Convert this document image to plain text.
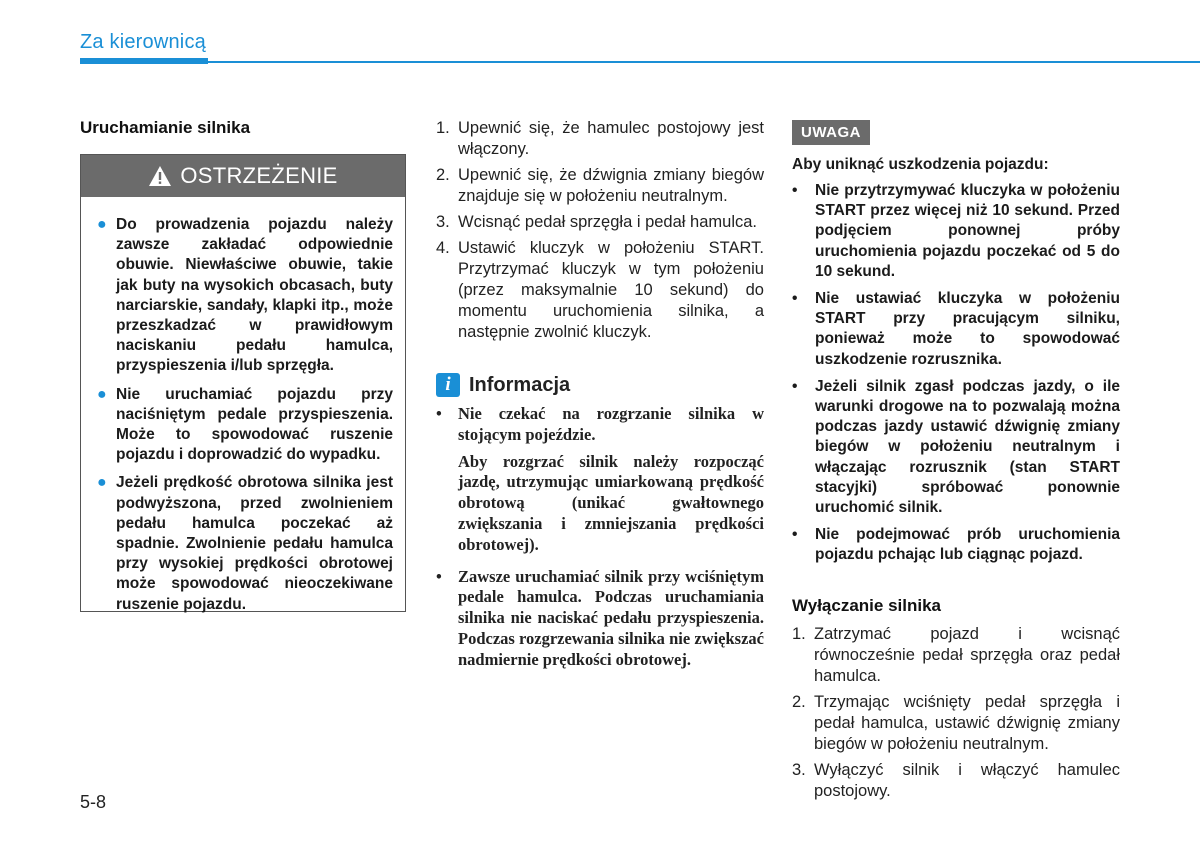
Za kierownicą
Uruchamianie silnika
OSTRZEŻENIE
● Do prowadzenia pojazdu należy zawsze zakładać odpowiednie obuwie. Niewłaściwe obuwie, takie jak buty na wysokich obcasach, buty narciarskie, sandały, klapki itp., może przeszkadzać w prawidłowym naciskaniu pedału hamulca, przyspieszenia i/lub sprzęgła.
● Nie uruchamiać pojazdu przy naciśniętym pedale przyspieszenia. Może to spowodować ruszenie pojazdu i doprowadzić do wypadku.
● Jeżeli prędkość obrotowa silnika jest podwyższona, przed zwolnieniem pedału hamulca poczekać aż spadnie. Zwolnienie pedału hamulca przy wysokiej prędkości obrotowej może spowodować nieoczekiwane ruszenie pojazdu.
1. Upewnić się, że hamulec postojowy jest włączony.
2. Upewnić się, że dźwignia zmiany biegów znajduje się w położeniu neutralnym.
3. Wcisnąć pedał sprzęgła i pedał hamulca.
4. Ustawić kluczyk w położeniu START. Przytrzymać kluczyk w tym położeniu (przez maksymalnie 10 sekund) do momentu uruchomienia silnika, a następnie zwolnić kluczyk.
i Informacja
• Nie czekać na rozgrzanie silnika w stojącym pojeździe.

Aby rozgrzać silnik należy rozpocząć jazdę, utrzymując umiarkowaną prędkość obrotową (unikać gwałtownego zwiększania i zmniejszania prędkości obrotowej).

• Zawsze uruchamiać silnik przy wciśniętym pedale hamulca. Podczas uruchamiania silnika nie naciskać pedału przyspieszenia. Podczas rozgrzewania silnika nie zwiększać nadmiernie prędkości obrotowej.
UWAGA
Aby uniknąć uszkodzenia pojazdu:
• Nie przytrzymywać kluczyka w położeniu START przez więcej niż 10 sekund. Przed podjęciem ponownej próby uruchomienia pojazdu poczekać od 5 do 10 sekund.
• Nie ustawiać kluczyka w położeniu START przy pracującym silniku, ponieważ może to spowodować uszkodzenie rozrusznika.
• Jeżeli silnik zgasł podczas jazdy, o ile warunki drogowe na to pozwalają można podczas jazdy ustawić dźwignię zmiany biegów w położeniu neutralnym i włączając rozrusznik (stan START stacyjki) spróbować ponownie uruchomić silnik.
• Nie podejmować prób uruchomienia pojazdu pchając lub ciągnąc pojazd.
Wyłączanie silnika
1. Zatrzymać pojazd i wcisnąć równocześnie pedał sprzęgła oraz pedał hamulca.
2. Trzymając wciśnięty pedał sprzęgła i pedał hamulca, ustawić dźwignię zmiany biegów w położeniu neutralnym.
3. Wyłączyć silnik i włączyć hamulec postojowy.
5-8
